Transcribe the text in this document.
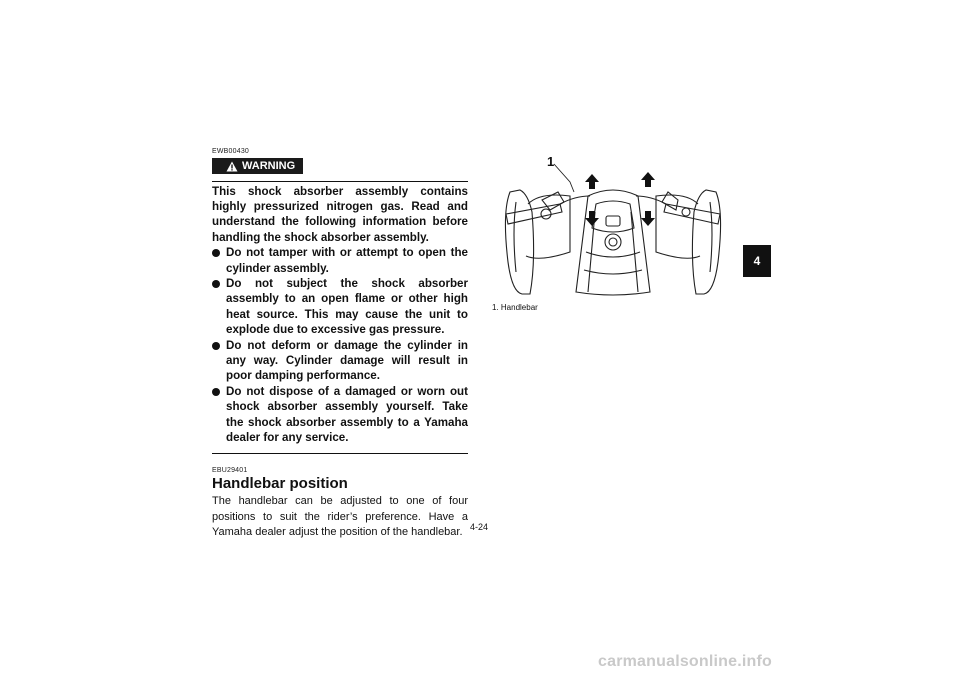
EWB00430
WARNING

This shock absorber assembly contains highly pressurized nitrogen gas. Read and understand the following information before handling the shock absorber assembly.

Do not tamper with or attempt to open the cylinder assembly.
Do not subject the shock absorber assembly to an open flame or other high heat source. This may cause the unit to explode due to excessive gas pressure.
Do not deform or damage the cylinder in any way. Cylinder damage will result in poor damping performance.
Do not dispose of a damaged or worn out shock absorber assembly yourself. Take the shock absorber assembly to a Yamaha dealer for any service.
EBU29401
Handlebar position

The handlebar can be adjusted to one of four positions to suit the rider’s preference. Have a Yamaha dealer adjust the position of the handlebar.

1
1. Handlebar
4-24
4
carmanualsonline.info
